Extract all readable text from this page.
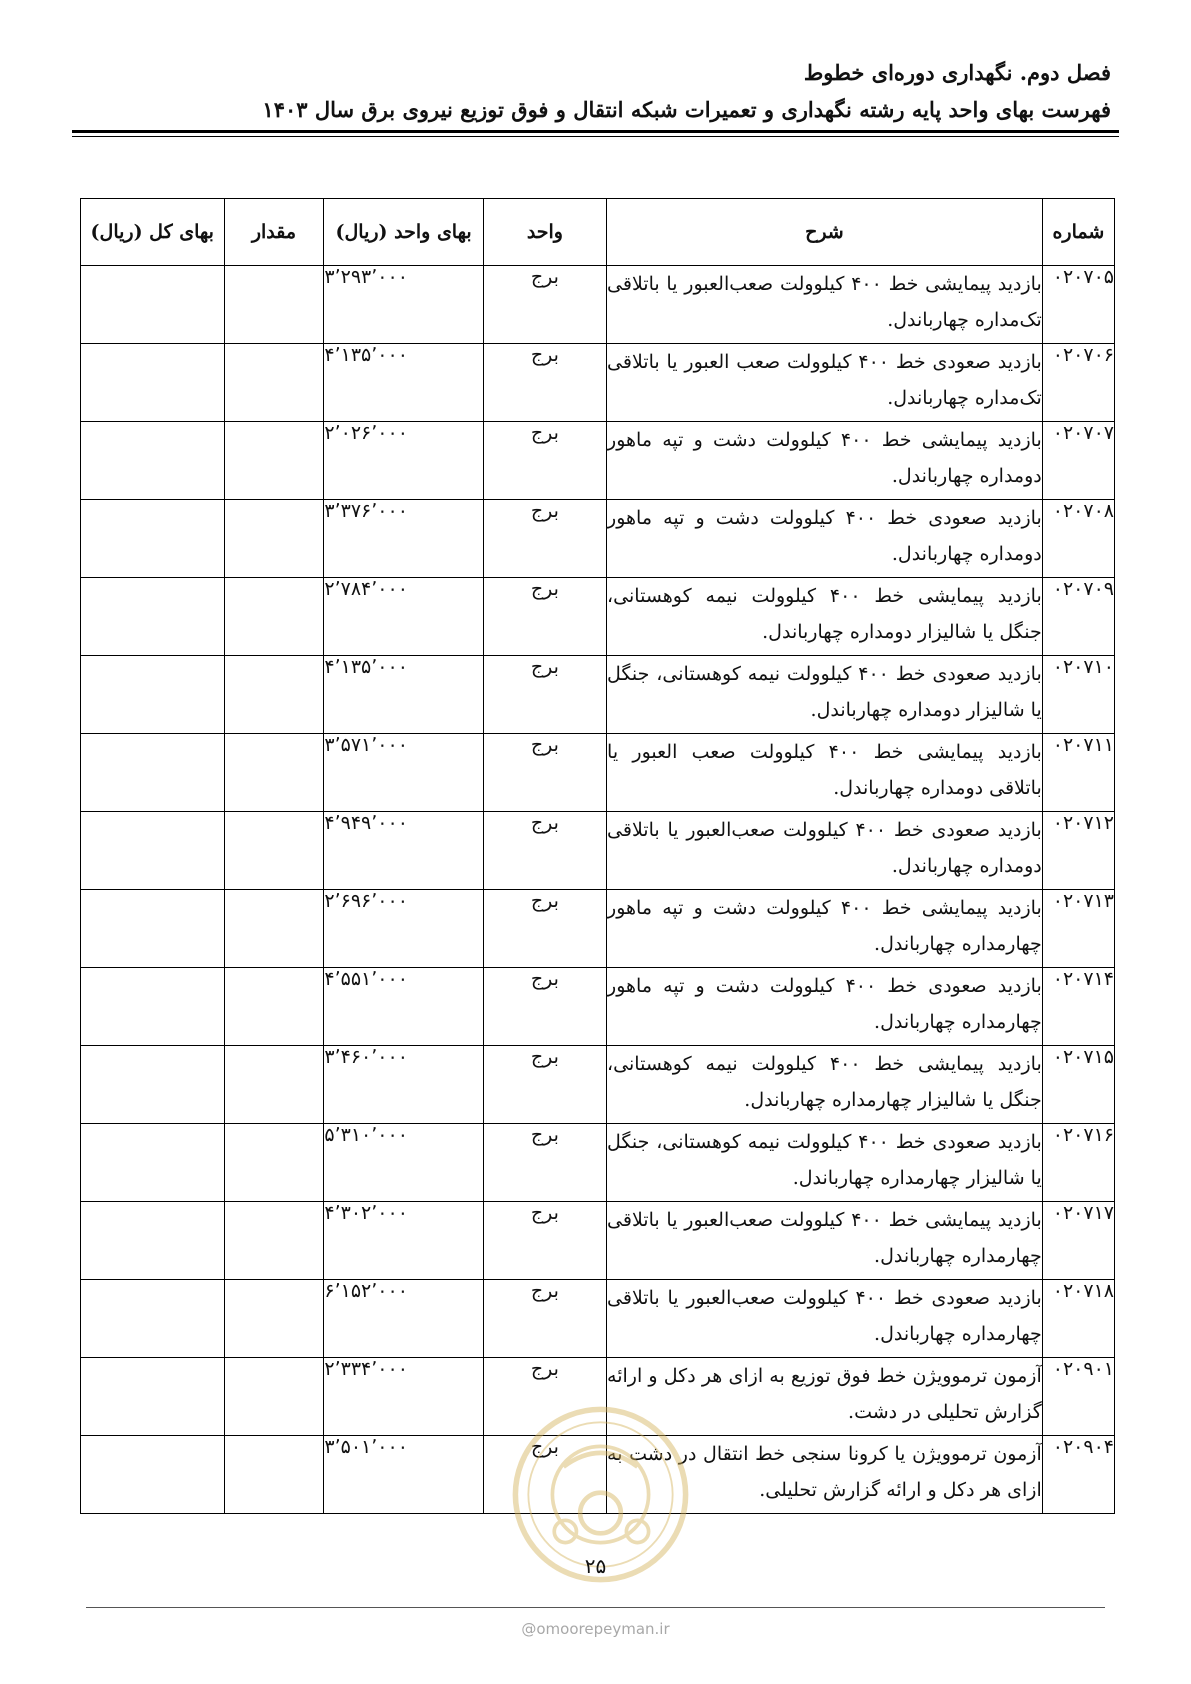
فصل دوم. نگهداری دوره‌ای خطوط
فهرست بهای واحد پایه رشته نگهداری و تعمیرات شبکه انتقال و فوق توزیع نیروی برق سال ۱۴۰۳
شماره	شرح	واحد	بهای واحد (ریال)	مقدار	بهای کل (ریال)
۰۲۰۷۰۵	بازدید پیمایشی خط ۴۰۰ کیلوولت صعب‌العبور یا باتلاقی تک‌مداره چهارباندل.	برج	۳٬۲۹۳٬۰۰۰		
۰۲۰۷۰۶	بازدید صعودی خط ۴۰۰ کیلوولت صعب العبور یا باتلاقی تک‌مداره چهارباندل.	برج	۴٬۱۳۵٬۰۰۰		
۰۲۰۷۰۷	بازدید پیمایشی خط ۴۰۰ کیلوولت دشت و تپه ماهور دومداره چهارباندل.	برج	۲٬۰۲۶٬۰۰۰		
۰۲۰۷۰۸	بازدید صعودی خط ۴۰۰ کیلوولت دشت و تپه ماهور دومداره چهارباندل.	برج	۳٬۳۷۶٬۰۰۰		
۰۲۰۷۰۹	بازدید پیمایشی خط ۴۰۰ کیلوولت نیمه کوهستانی، جنگل یا شالیزار دومداره چهارباندل.	برج	۲٬۷۸۴٬۰۰۰		
۰۲۰۷۱۰	بازدید صعودی خط ۴۰۰ کیلوولت نیمه کوهستانی، جنگل یا شالیزار دومداره چهارباندل.	برج	۴٬۱۳۵٬۰۰۰		
۰۲۰۷۱۱	بازدید پیمایشی خط ۴۰۰ کیلوولت صعب العبور یا باتلاقی دومداره چهارباندل.	برج	۳٬۵۷۱٬۰۰۰		
۰۲۰۷۱۲	بازدید صعودی خط ۴۰۰ کیلوولت صعب‌العبور یا باتلاقی دومداره چهارباندل.	برج	۴٬۹۴۹٬۰۰۰		
۰۲۰۷۱۳	بازدید پیمایشی خط ۴۰۰ کیلوولت دشت و تپه ماهور چهارمداره چهارباندل.	برج	۲٬۶۹۶٬۰۰۰		
۰۲۰۷۱۴	بازدید صعودی خط ۴۰۰ کیلوولت دشت و تپه ماهور چهارمداره چهارباندل.	برج	۴٬۵۵۱٬۰۰۰		
۰۲۰۷۱۵	بازدید پیمایشی خط ۴۰۰ کیلوولت نیمه کوهستانی، جنگل یا شالیزار چهارمداره چهارباندل.	برج	۳٬۴۶۰٬۰۰۰		
۰۲۰۷۱۶	بازدید صعودی خط ۴۰۰ کیلوولت نیمه کوهستانی، جنگل یا شالیزار چهارمداره چهارباندل.	برج	۵٬۳۱۰٬۰۰۰		
۰۲۰۷۱۷	بازدید پیمایشی خط ۴۰۰ کیلوولت صعب‌العبور یا باتلاقی چهارمداره چهارباندل.	برج	۴٬۳۰۲٬۰۰۰		
۰۲۰۷۱۸	بازدید صعودی خط ۴۰۰ کیلوولت صعب‌العبور یا باتلاقی چهارمداره چهارباندل.	برج	۶٬۱۵۲٬۰۰۰		
۰۲۰۹۰۱	آزمون ترموویژن خط فوق توزیع به ازای هر دکل و ارائه گزارش تحلیلی در دشت.	برج	۲٬۳۳۴٬۰۰۰		
۰۲۰۹۰۴	آزمون ترموویژن یا کرونا سنجی خط انتقال در دشت به ازای هر دکل و ارائه گزارش تحلیلی.	برج	۳٬۵۰۱٬۰۰۰		
۲۵
@omoorepeyman.ir
